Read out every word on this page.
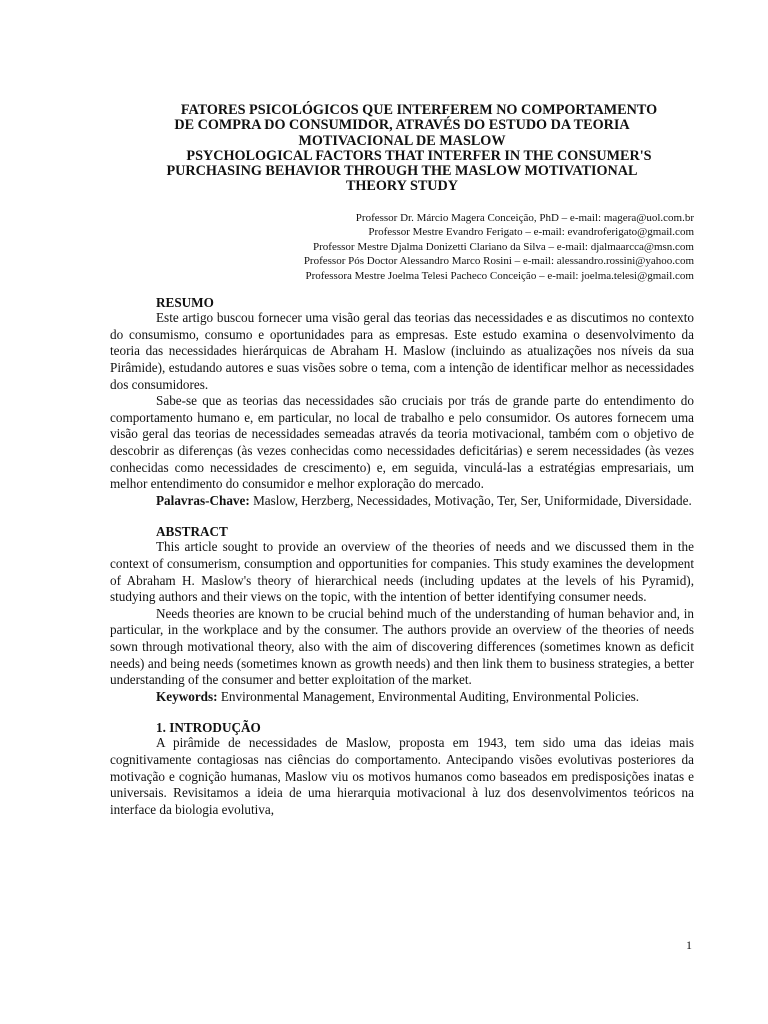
FATORES PSICOLÓGICOS QUE INTERFEREM NO COMPORTAMENTO

DE COMPRA DO CONSUMIDOR, ATRAVÉS DO ESTUDO DA TEORIA

MOTIVACIONAL DE MASLOW

PSYCHOLOGICAL FACTORS THAT INTERFER IN THE CONSUMER'S

PURCHASING BEHAVIOR THROUGH THE MASLOW MOTIVATIONAL

THEORY STUDY

Professor Dr. Márcio Magera Conceição, PhD – e-mail: magera@uol.com.br
Professor Mestre Evandro Ferigato – e-mail: evandroferigato@gmail.com
Professor Mestre Djalma Donizetti Clariano da Silva – e-mail: djalmaarcca@msn.com
Professor Pós Doctor Alessandro Marco Rosini – e-mail: alessandro.rossini@yahoo.com
Professora Mestre Joelma Telesi Pacheco Conceição – e-mail: joelma.telesi@gmail.com

RESUMO

Este artigo buscou fornecer uma visão geral das teorias das necessidades e as discutimos no contexto do consumismo, consumo e oportunidades para as empresas. Este estudo examina o desenvolvimento da teoria das necessidades hierárquicas de Abraham H. Maslow (incluindo as atualizações nos níveis da sua Pirâmide), estudando autores e suas visões sobre o tema, com a intenção de identificar melhor as necessidades dos consumidores.

Sabe-se que as teorias das necessidades são cruciais por trás de grande parte do entendimento do comportamento humano e, em particular, no local de trabalho e pelo consumidor. Os autores fornecem uma visão geral das teorias de necessidades semeadas através da teoria motivacional, também com o objetivo de descobrir as diferenças (às vezes conhecidas como necessidades deficitárias) e serem necessidades (às vezes conhecidas como necessidades de crescimento) e, em seguida, vinculá-las a estratégias empresariais, um melhor entendimento do consumidor e melhor exploração do mercado.

Palavras-Chave: Maslow, Herzberg, Necessidades, Motivação, Ter, Ser, Uniformidade, Diversidade.

ABSTRACT

This article sought to provide an overview of the theories of needs and we discussed them in the context of consumerism, consumption and opportunities for companies. This study examines the development of Abraham H. Maslow's theory of hierarchical needs (including updates at the levels of his Pyramid), studying authors and their views on the topic, with the intention of better identifying consumer needs.

Needs theories are known to be crucial behind much of the understanding of human behavior and, in particular, in the workplace and by the consumer. The authors provide an overview of the theories of needs sown through motivational theory, also with the aim of discovering differences (sometimes known as deficit needs) and being needs (sometimes known as growth needs) and then link them to business strategies, a better understanding of the consumer and better exploitation of the market.

Keywords: Environmental Management, Environmental Auditing, Environmental Policies.

1. INTRODUÇÃO

A pirâmide de necessidades de Maslow, proposta em 1943, tem sido uma das ideias mais cognitivamente contagiosas nas ciências do comportamento. Antecipando visões evolutivas posteriores da motivação e cognição humanas, Maslow viu os motivos humanos como baseados em predisposições inatas e universais. Revisitamos a ideia de uma hierarquia motivacional à luz dos desenvolvimentos teóricos na interface da biologia evolutiva,

1
